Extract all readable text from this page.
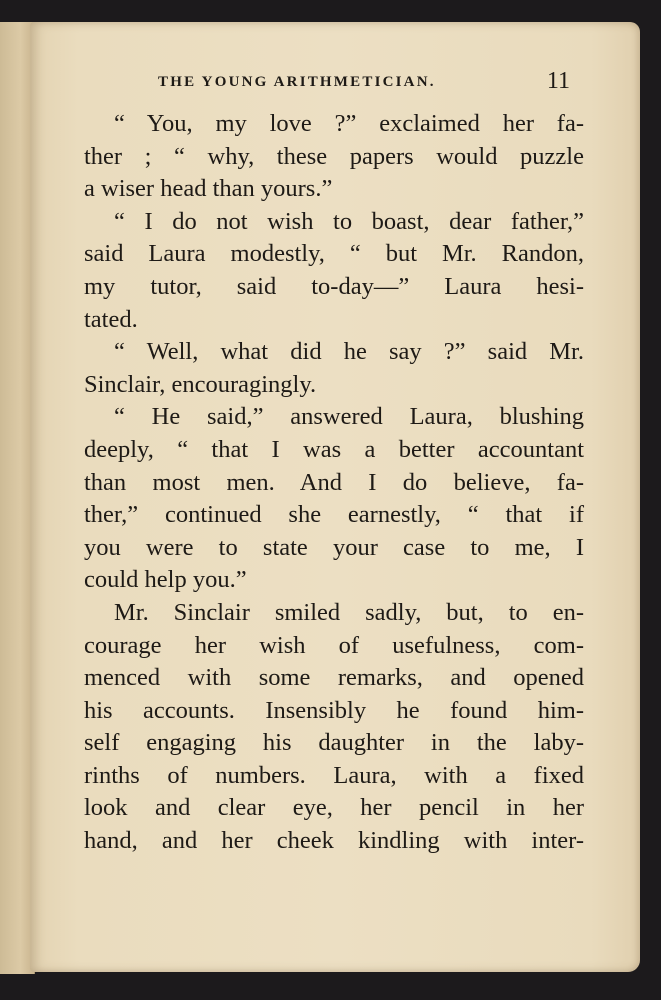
THE YOUNG ARITHMETICIAN.	11
“ You, my love ?” exclaimed her fa-
ther ; “ why, these papers would puzzle
a wiser head than yours.”
“ I do not wish to boast, dear father,”
said Laura modestly, “ but Mr. Randon,
my tutor, said to-day—” Laura hesi-
tated.
“ Well, what did he say ?” said Mr.
Sinclair, encouragingly.
“ He said,” answered Laura, blushing
deeply, “ that I was a better accountant
than most men. And I do believe, fa-
ther,” continued she earnestly, “ that if
you were to state your case to me, I
could help you.”
Mr. Sinclair smiled sadly, but, to en-
courage her wish of usefulness, com-
menced with some remarks, and opened
his accounts. Insensibly he found him-
self engaging his daughter in the laby-
rinths of numbers. Laura, with a fixed
look and clear eye, her pencil in her
hand, and her cheek kindling with inter-
